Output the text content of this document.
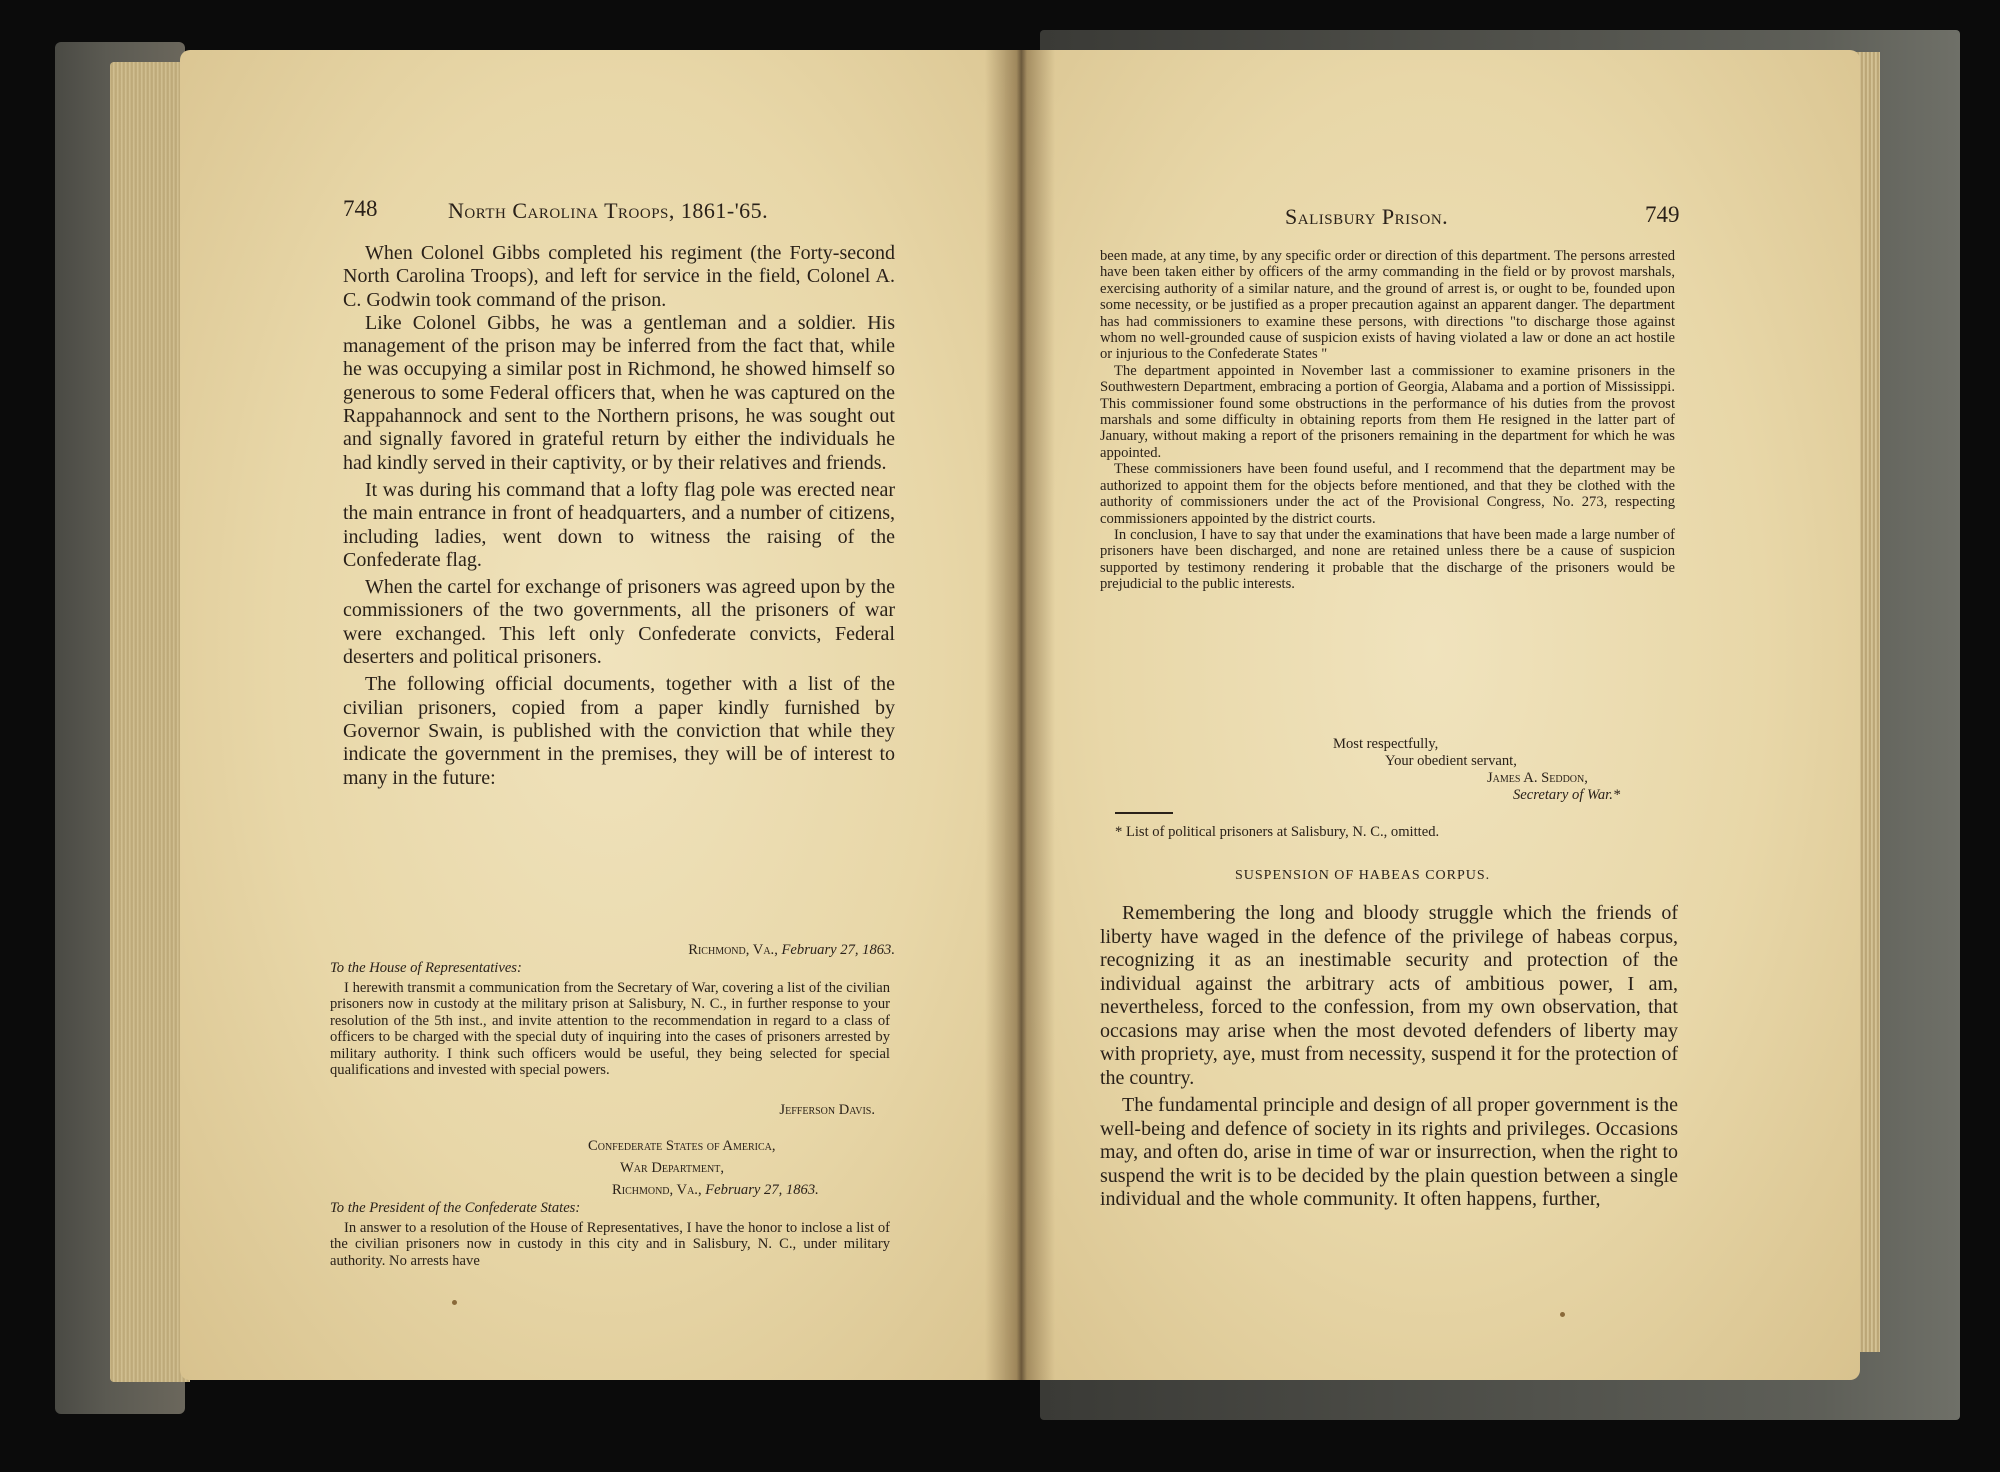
748	North Carolina Troops, 1861-'65.

When Colonel Gibbs completed his regiment (the Forty-second North Carolina Troops), and left for service in the field, Colonel A. C. Godwin took command of the prison.

Like Colonel Gibbs, he was a gentleman and a soldier. His management of the prison may be inferred from the fact that, while he was occupying a similar post in Richmond, he showed himself so generous to some Federal officers that, when he was captured on the Rappahannock and sent to the Northern prisons, he was sought out and signally favored in grateful return by either the individuals he had kindly served in their captivity, or by their relatives and friends.

It was during his command that a lofty flag pole was erected near the main entrance in front of headquarters, and a number of citizens, including ladies, went down to witness the raising of the Confederate flag.

When the cartel for exchange of prisoners was agreed upon by the commissioners of the two governments, all the prisoners of war were exchanged. This left only Confederate convicts, Federal deserters and political prisoners.

The following official documents, together with a list of the civilian prisoners, copied from a paper kindly furnished by Governor Swain, is published with the conviction that while they indicate the government in the premises, they will be of interest to many in the future:

Richmond, Va., February 27, 1863.
To the House of Representatives:

I herewith transmit a communication from the Secretary of War, covering a list of the civilian prisoners now in custody at the military prison at Salisbury, N. C., in further response to your resolution of the 5th inst., and invite attention to the recommendation in regard to a class of officers to be charged with the special duty of inquiring into the cases of prisoners arrested by military authority. I think such officers would be useful, they being selected for special qualifications and invested with special powers.

Jefferson Davis.
Confederate States of America,
War Department,
Richmond, Va., February 27, 1863.
To the President of the Confederate States:

In answer to a resolution of the House of Representatives, I have the honor to inclose a list of the civilian prisoners now in custody in this city and in Salisbury, N. C., under military authority. No arrests have

Salisbury Prison.	749

been made, at any time, by any specific order or direction of this department. The persons arrested have been taken either by officers of the army commanding in the field or by provost marshals, exercising authority of a similar nature, and the ground of arrest is, or ought to be, founded upon some necessity, or be justified as a proper precaution against an apparent danger. The department has had commissioners to examine these persons, with directions "to discharge those against whom no well-grounded cause of suspicion exists of having violated a law or done an act hostile or injurious to the Confederate States "

The department appointed in November last a commissioner to examine prisoners in the Southwestern Department, embracing a portion of Georgia, Alabama and a portion of Mississippi. This commissioner found some obstructions in the performance of his duties from the provost marshals and some difficulty in obtaining reports from them He resigned in the latter part of January, without making a report of the prisoners remaining in the department for which he was appointed.

These commissioners have been found useful, and I recommend that the department may be authorized to appoint them for the objects before mentioned, and that they be clothed with the authority of commissioners under the act of the Provisional Congress, No. 273, respecting commissioners appointed by the district courts.

In conclusion, I have to say that under the examinations that have been made a large number of prisoners have been discharged, and none are retained unless there be a cause of suspicion supported by testimony rendering it probable that the discharge of the prisoners would be prejudicial to the public interests.

Most respectfully,
Your obedient servant,
James A. Seddon,
Secretary of War.*
* List of political prisoners at Salisbury, N. C., omitted.
SUSPENSION OF HABEAS CORPUS.

Remembering the long and bloody struggle which the friends of liberty have waged in the defence of the privilege of habeas corpus, recognizing it as an inestimable security and protection of the individual against the arbitrary acts of ambitious power, I am, nevertheless, forced to the confession, from my own observation, that occasions may arise when the most devoted defenders of liberty may with propriety, aye, must from necessity, suspend it for the protection of the country.

The fundamental principle and design of all proper government is the well-being and defence of society in its rights and privileges. Occasions may, and often do, arise in time of war or insurrection, when the right to suspend the writ is to be decided by the plain question between a single individual and the whole community. It often happens, further,
